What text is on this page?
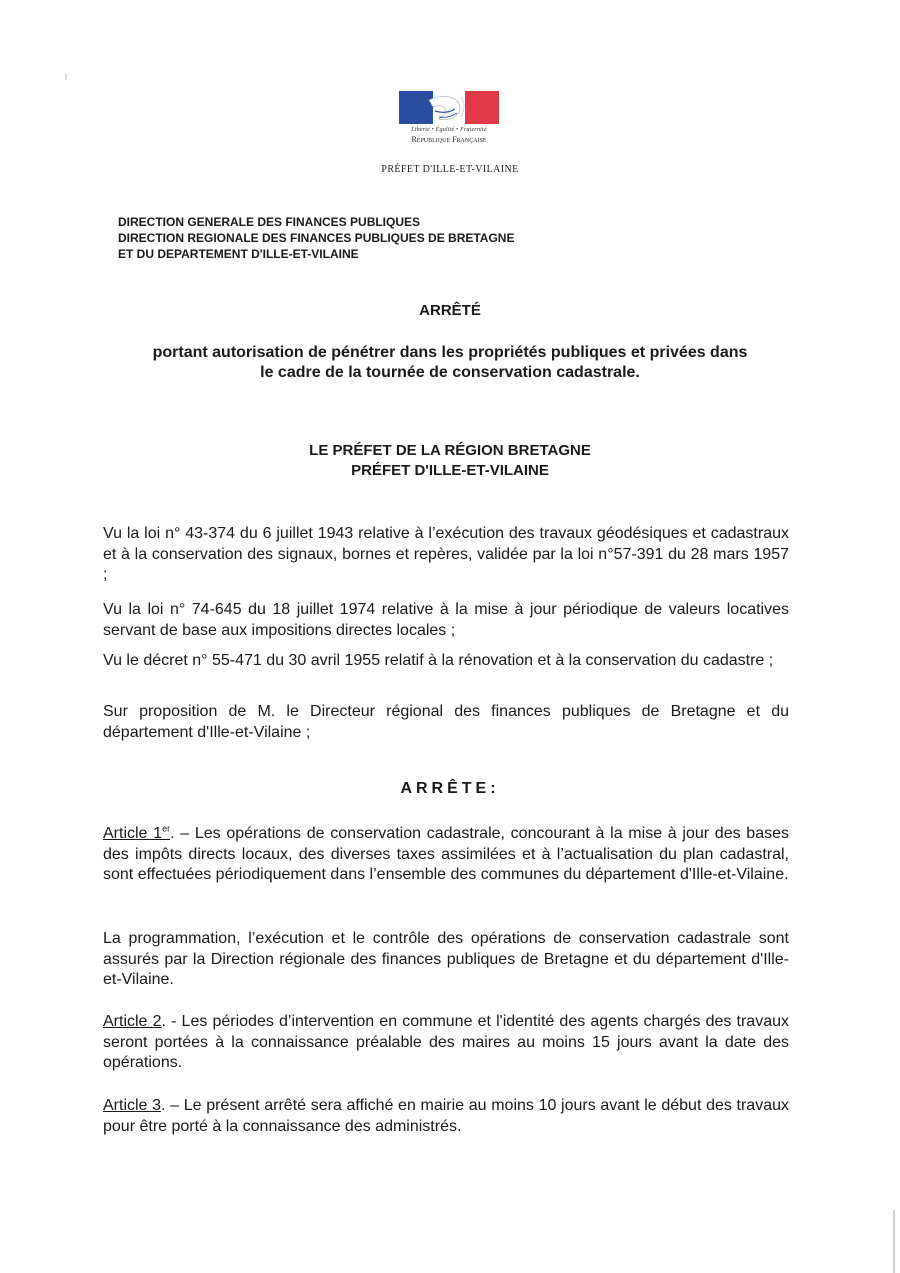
Liberté • Égalité • Fraternité
République Française
PRÉFET D'ILLE-ET-VILAINE
DIRECTION GENERALE DES FINANCES PUBLIQUES
DIRECTION REGIONALE DES FINANCES PUBLIQUES DE BRETAGNE
ET DU DEPARTEMENT D'ILLE-ET-VILAINE
ARRÊTÉ
portant autorisation de pénétrer dans les propriétés publiques et privées dans
le cadre de la tournée de conservation cadastrale.
LE PRÉFET DE LA RÉGION BRETAGNE
PRÉFET D'ILLE-ET-VILAINE
Vu la loi n° 43-374 du 6 juillet 1943 relative à l’exécution des travaux géodésiques et cadastraux et à la conservation des signaux, bornes et repères, validée par la loi n°57-391 du 28 mars 1957 ;
Vu la loi n° 74-645 du 18 juillet 1974 relative à la mise à jour périodique de valeurs locatives servant de base aux impositions directes locales ;
Vu le décret n° 55-471 du 30 avril 1955 relatif à la rénovation et à la conservation du cadastre ;
Sur proposition de M. le Directeur régional des finances publiques de Bretagne et du département d'Ille-et-Vilaine ;
ARRÊTE:
Article 1er. – Les opérations de conservation cadastrale, concourant à la mise à jour des bases des impôts directs locaux, des diverses taxes assimilées et à l’actualisation du plan cadastral, sont effectuées périodiquement dans l’ensemble des communes du département d'Ille-et-Vilaine.
La programmation, l’exécution et le contrôle des opérations de conservation cadastrale sont assurés par la Direction régionale des finances publiques de Bretagne et du département d'Ille-et-Vilaine.
Article 2. - Les périodes d’intervention en commune et l'identité des agents chargés des travaux seront portées à la connaissance préalable des maires au moins 15 jours avant la date des opérations.
Article 3. – Le présent arrêté sera affiché en mairie au moins 10 jours avant le début des travaux pour être porté à la connaissance des administrés.
